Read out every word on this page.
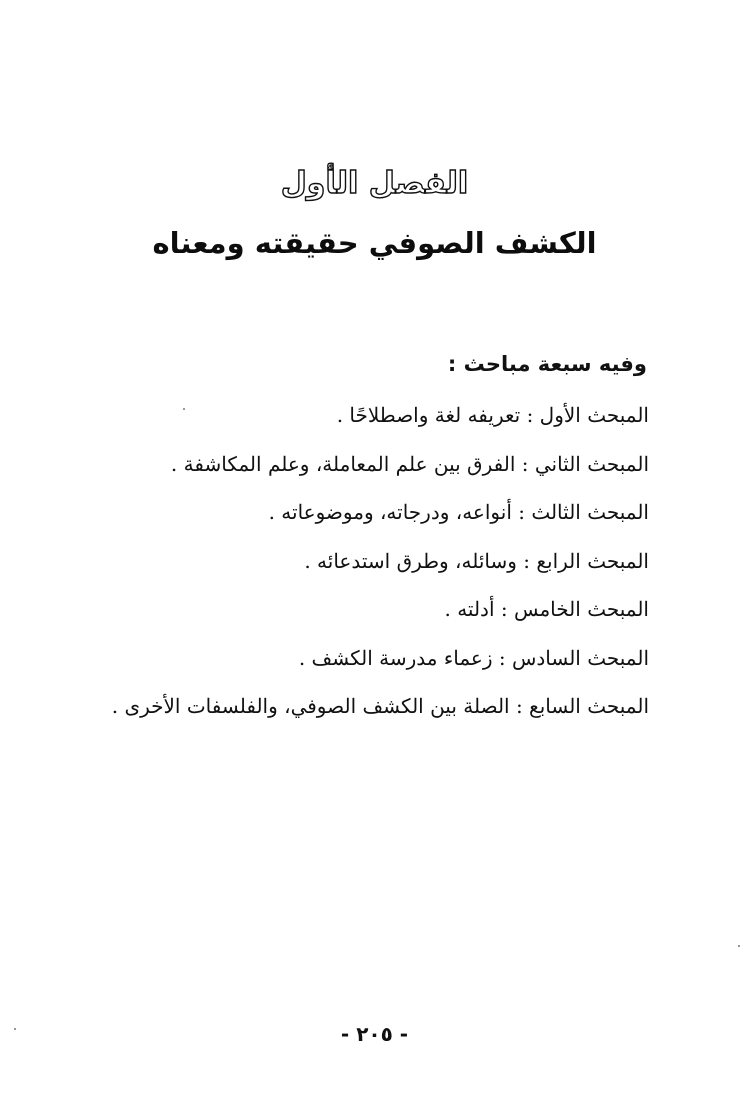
الفصل الأول
الكشف الصوفي حقيقته ومعناه
وفيه سبعة مباحث :
المبحث الأول : تعريفه لغة واصطلاحًا .
المبحث الثاني : الفرق بين علم المعاملة، وعلم المكاشفة .
المبحث الثالث : أنواعه، ودرجاته، وموضوعاته .
المبحث الرابع : وسائله، وطرق استدعائه .
المبحث الخامس : أدلته .
المبحث السادس : زعماء مدرسة الكشف .
المبحث السابع : الصلة بين الكشف الصوفي، والفلسفات الأخرى .
- ٢٠٥ -
